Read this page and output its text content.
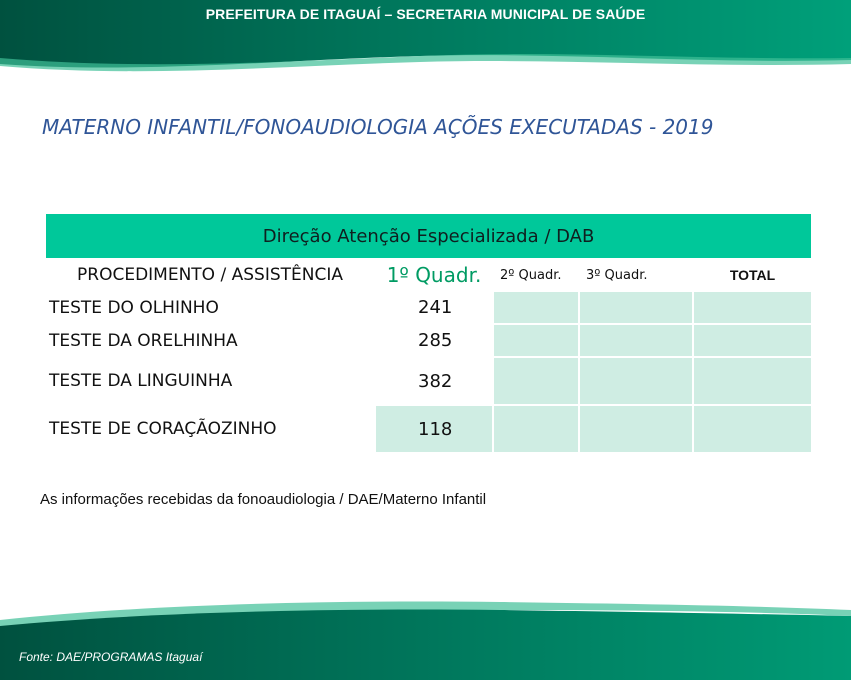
PREFEITURA DE ITAGUAÍ – SECRETARIA MUNICIPAL DE SAÚDE
MATERNO INFANTIL/FONOAUDIOLOGIA AÇÕES EXECUTADAS - 2019
Direção Atenção Especializada / DAB				
PROCEDIMENTO / ASSISTÊNCIA	1º Quadr.	2º Quadr.	3º Quadr.	TOTAL
TESTE DO OLHINHO	241			
TESTE DA ORELHINHA	285			
TESTE DA LINGUINHA	382			
TESTE DE CORAÇÃOZINHO	118			
As informações recebidas da fonoaudiologia / DAE/Materno Infantil
Fonte: DAE/PROGRAMAS Itaguaí
